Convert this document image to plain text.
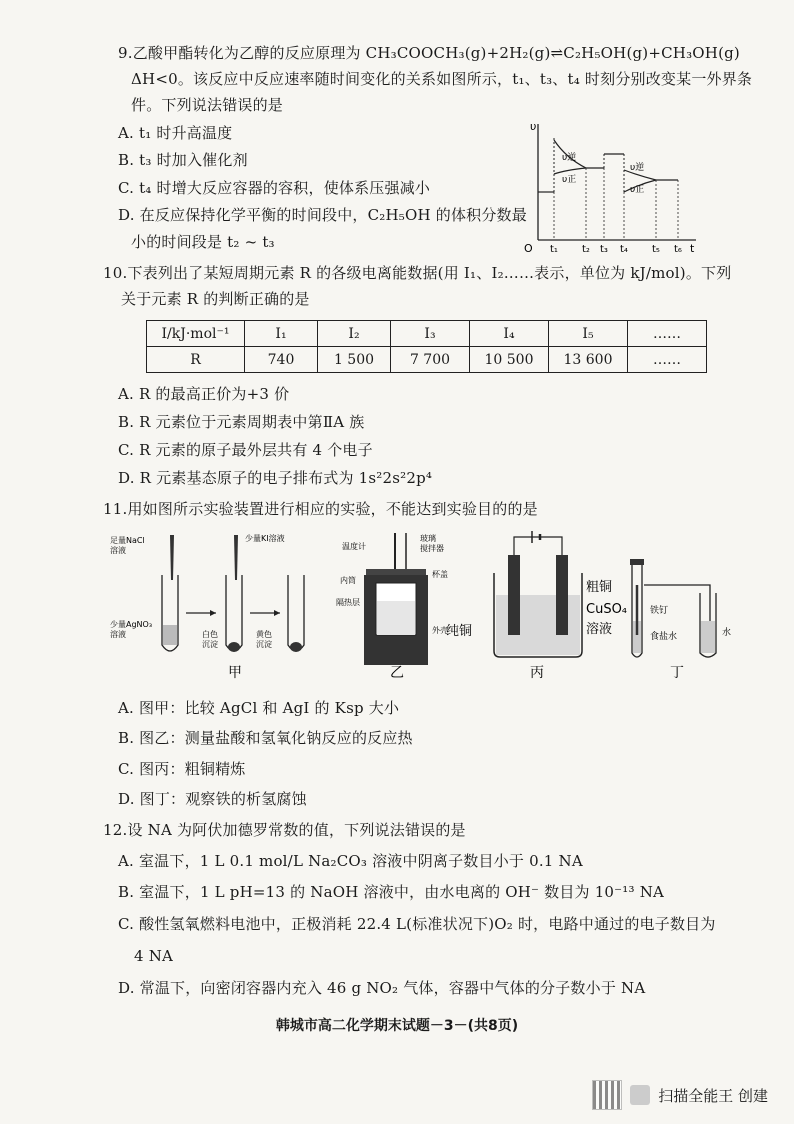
9.乙酸甲酯转化为乙醇的反应原理为 CH₃COOCH₃(g)+2H₂(g)⇌C₂H₅OH(g)+CH₃OH(g)
ΔH<0。该反应中反应速率随时间变化的关系如图所示，t₁、t₃、t₄ 时刻分别改变某一外界条
件。下列说法错误的是
A. t₁ 时升高温度
B. t₃ 时加入催化剂
C. t₄ 时增大反应容器的容积，使体系压强减小
D. 在反应保持化学平衡的时间段中，C₂H₅OH 的体积分数最
小的时间段是 t₂ ~ t₃
υ
O	t
υ逆
υ正
υ逆
υ正
t₁ t₂ t₃ t₄ t₅ t₆
10.下表列出了某短周期元素 R 的各级电离能数据(用 I₁、I₂……表示，单位为 kJ/mol)。下列
关于元素 R 的判断正确的是
I/kJ·mol⁻¹	I₁	I₂	I₃	I₄	I₅	……
R	740	1 500	7 700	10 500	13 600	……
A. R 的最高正价为+3 价
B. R 元素位于元素周期表中第ⅡA 族
C. R 元素的原子最外层共有 4 个电子
D. R 元素基态原子的电子排布式为 1s²2s²2p⁴
11.用如图所示实验装置进行相应的实验，不能达到实验目的的是
足量NaCl
溶液
少量AgNO₃
溶液
少量KI溶液
白色
沉淀
黄色
沉淀
甲
温度计
玻璃
搅拌器
内筒
杯盖
隔热层
外壳
乙
粗铜
纯铜
CuSO₄
溶液
丙
铁钉
食盐水	水
丁
A. 图甲：比较 AgCl 和 AgI 的 Ksp 大小
B. 图乙：测量盐酸和氢氧化钠反应的反应热
C. 图丙：粗铜精炼
D. 图丁：观察铁的析氢腐蚀
12.设 NA 为阿伏加德罗常数的值，下列说法错误的是
A. 室温下，1 L 0.1 mol/L Na₂CO₃ 溶液中阴离子数目小于 0.1 NA
B. 室温下，1 L pH=13 的 NaOH 溶液中，由水电离的 OH⁻ 数目为 10⁻¹³ NA
C. 酸性氢氧燃料电池中，正极消耗 22.4 L(标准状况下)O₂ 时，电路中通过的电子数目为
4 NA
D. 常温下，向密闭容器内充入 46 g NO₂ 气体，容器中气体的分子数小于 NA
韩城市高二化学期末试题－3－(共8页)
扫描全能王 创建
